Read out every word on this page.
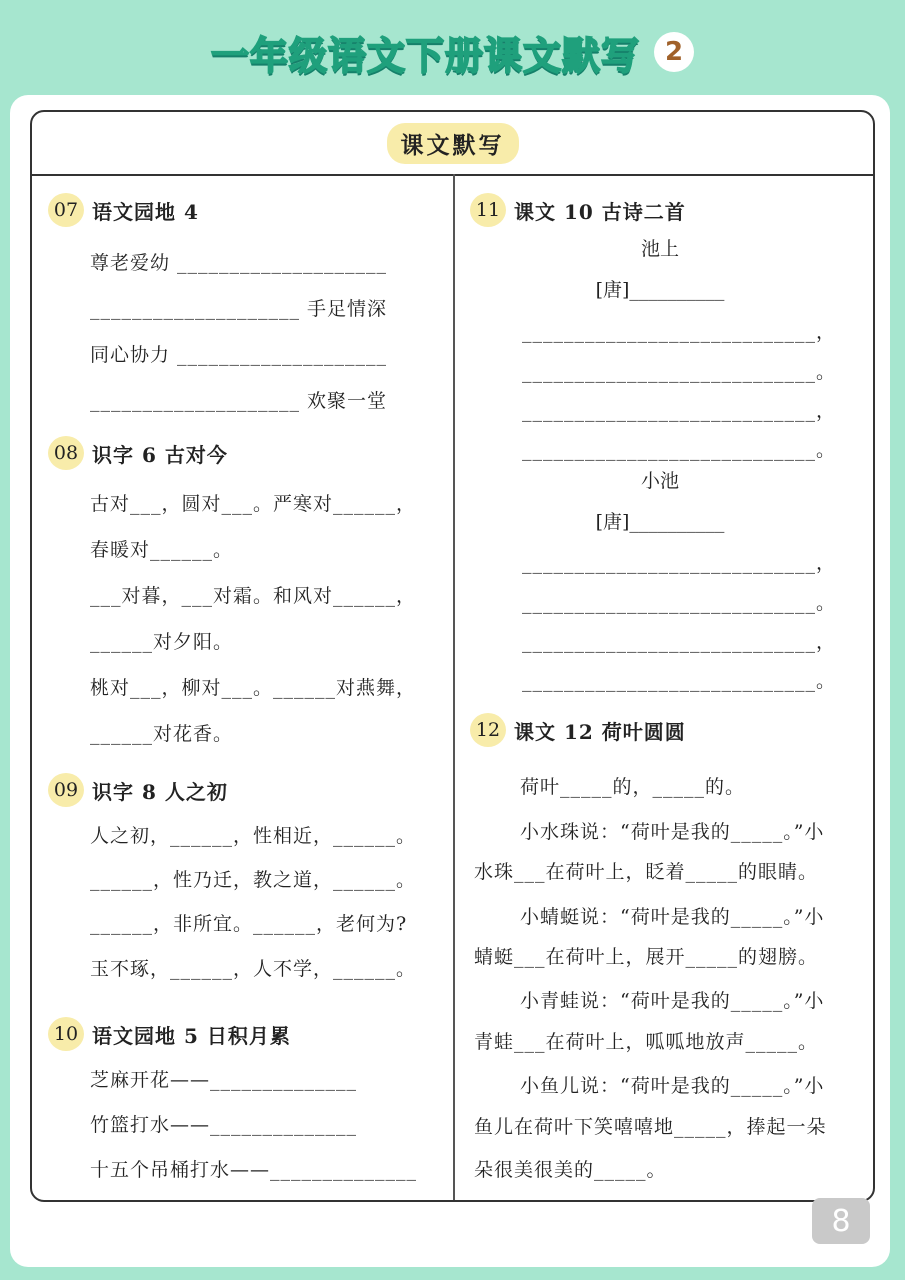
一年级语文下册课文默写 2
课文默写
07 语文园地 4
尊老爱幼 ____________________
____________________ 手足情深
同心协力 ____________________
____________________ 欢聚一堂
08 识字 6 古对今
古对___，圆对___。严寒对______，
春暖对______。
___对暮，___对霜。和风对______，
______对夕阳。
桃对___，柳对___。______对燕舞，
______对花香。
09 识字 8 人之初
人之初，______，性相近，______。
______，性乃迁，教之道，______。
______，非所宜。______，老何为?
玉不琢，______，人不学，______。
10 语文园地 5 日积月累
芝麻开花——______________
竹篮打水——______________
十五个吊桶打水——______________
11 课文 10 古诗二首
池上
[唐]__________
____________________________，
____________________________。
____________________________，
____________________________。
小池
[唐]__________
____________________________，
____________________________。
____________________________，
____________________________。
12 课文 12 荷叶圆圆
荷叶_____的，_____的。
小水珠说：“荷叶是我的_____。”小
水珠___在荷叶上，眨着_____的眼睛。
小蜻蜓说：“荷叶是我的_____。”小
蜻蜓___在荷叶上，展开_____的翅膀。
小青蛙说：“荷叶是我的_____。”小
青蛙___在荷叶上，呱呱地放声_____。
小鱼儿说：“荷叶是我的_____。”小
鱼儿在荷叶下笑嘻嘻地_____，捧起一朵
朵很美很美的_____。
8
